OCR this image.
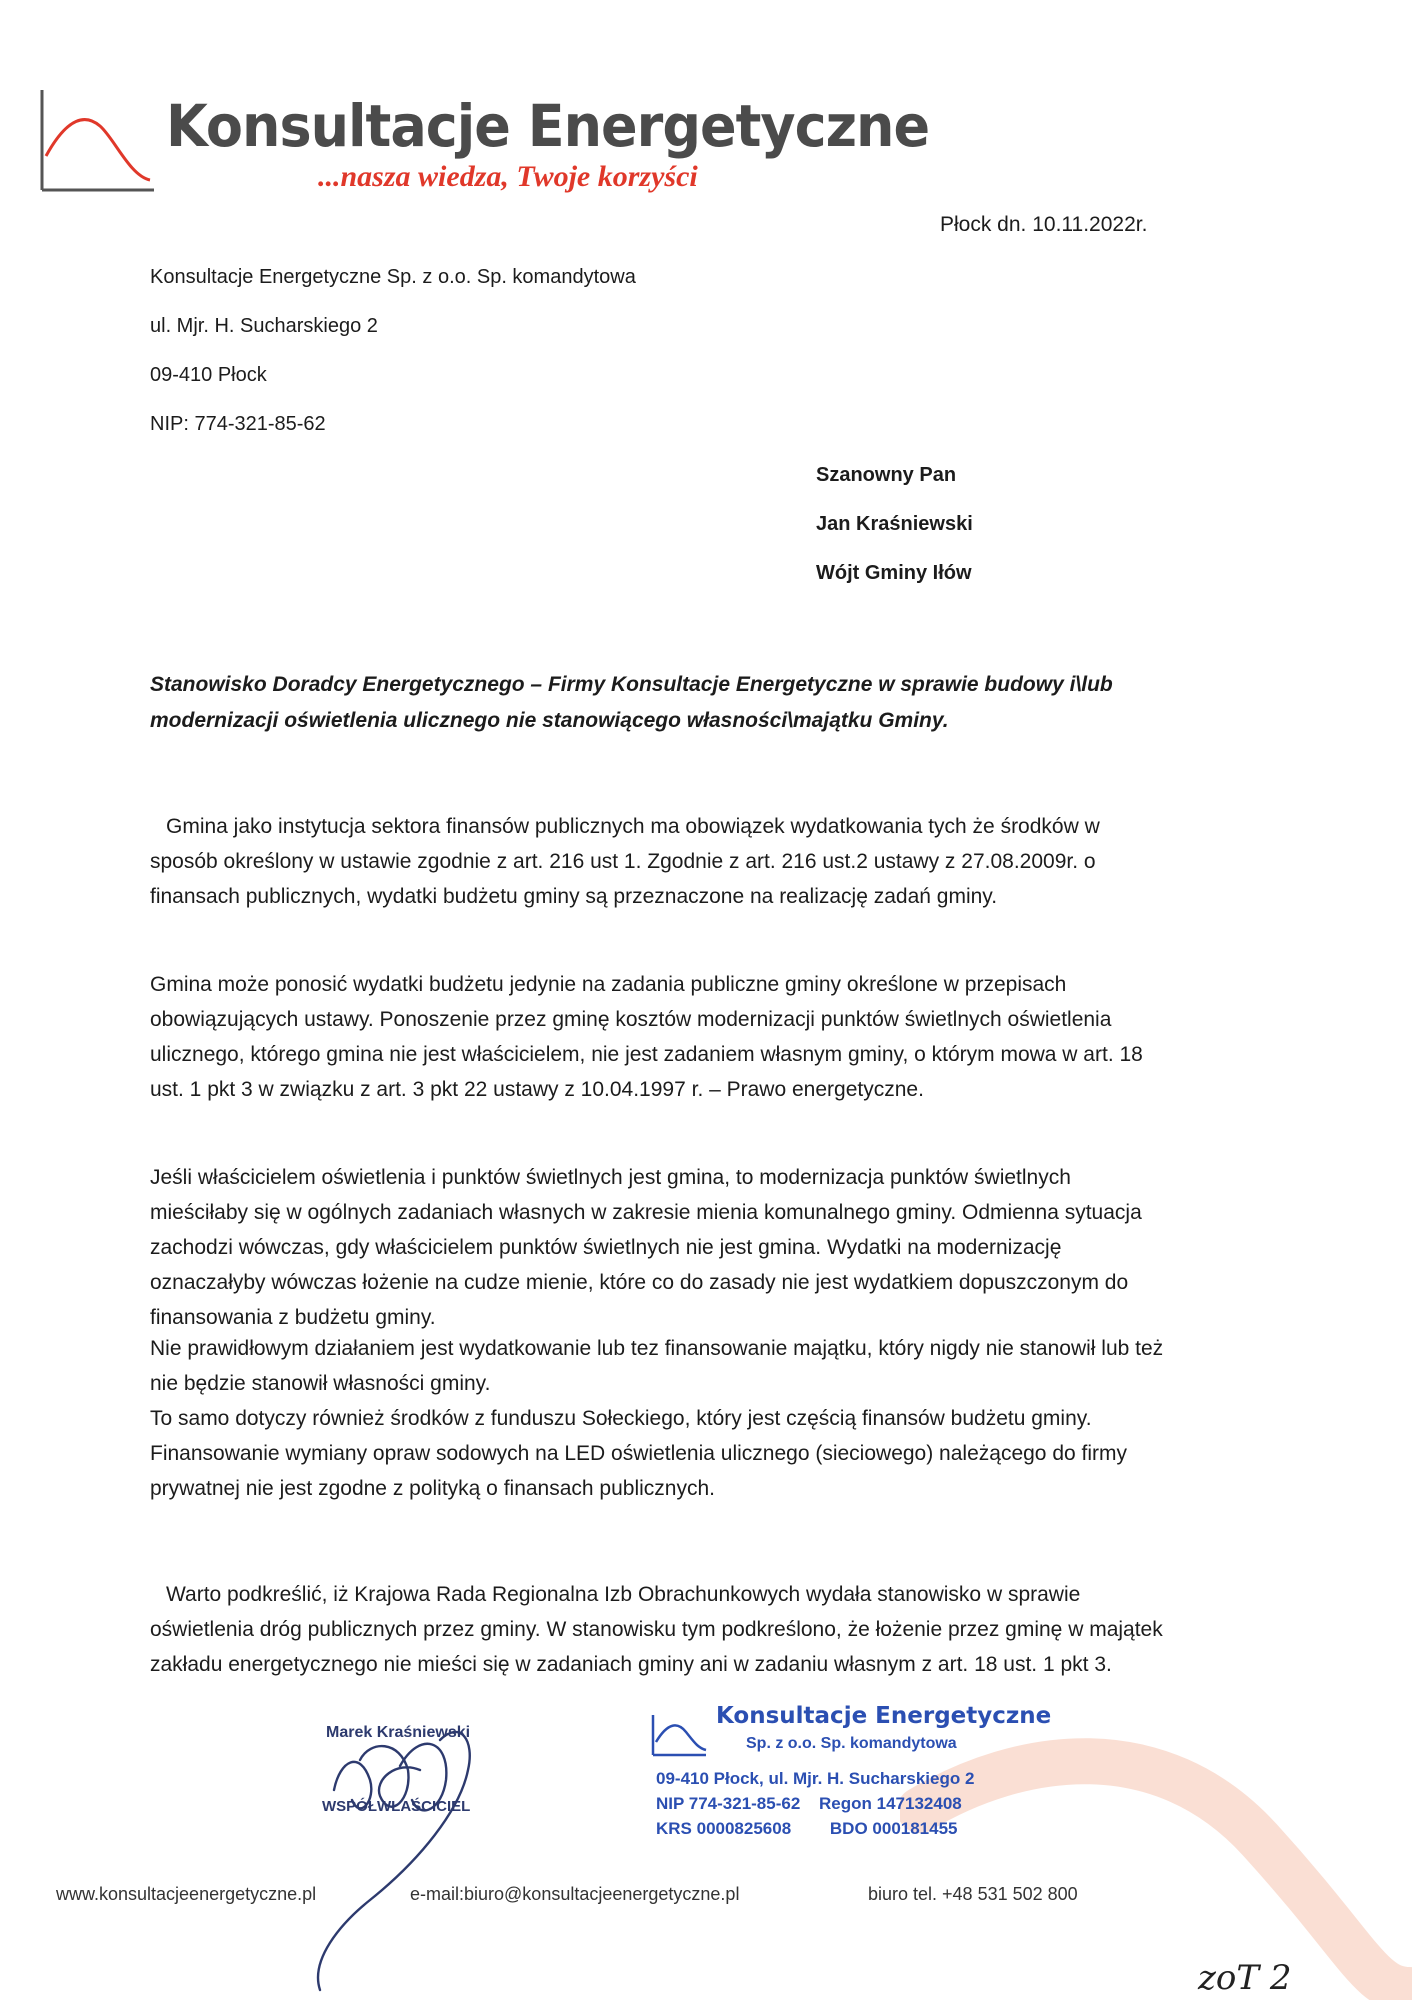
Konsultacje Energetyczne
...nasza wiedza, Twoje korzyści
Płock dn. 10.11.2022r.
Konsultacje Energetyczne Sp. z o.o. Sp. komandytowa
ul. Mjr. H. Sucharskiego 2
09-410 Płock
NIP: 774-321-85-62
Szanowny Pan
Jan Kraśniewski
Wójt Gminy Iłów
Stanowisko Doradcy Energetycznego – Firmy Konsultacje Energetyczne w sprawie budowy i\lub modernizacji oświetlenia ulicznego nie stanowiącego własności\majątku Gminy.

Gmina jako instytucja sektora finansów publicznych ma obowiązek wydatkowania tych że środków w sposób określony w ustawie zgodnie z art. 216 ust 1. Zgodnie z art. 216 ust.2 ustawy z 27.08.2009r. o finansach publicznych, wydatki budżetu gminy są przeznaczone na realizację zadań gminy.

Gmina może ponosić wydatki budżetu jedynie na zadania publiczne gminy określone w przepisach obowiązujących ustawy. Ponoszenie przez gminę kosztów modernizacji punktów świetlnych oświetlenia ulicznego, którego gmina nie jest właścicielem, nie jest zadaniem własnym gminy, o którym mowa w art. 18 ust. 1 pkt 3 w związku z art. 3 pkt 22 ustawy z 10.04.1997 r. – Prawo energetyczne.

Jeśli właścicielem oświetlenia i punktów świetlnych jest gmina, to modernizacja punktów świetlnych mieściłaby się w ogólnych zadaniach własnych w zakresie mienia komunalnego gminy. Odmienna sytuacja zachodzi wówczas, gdy właścicielem punktów świetlnych nie jest gmina. Wydatki na modernizację oznaczałyby wówczas łożenie na cudze mienie, które co do zasady nie jest wydatkiem dopuszczonym do finansowania z budżetu gminy.

Nie prawidłowym działaniem jest wydatkowanie lub tez finansowanie majątku, który nigdy nie stanowił lub też nie będzie stanowił własności gminy.
To samo dotyczy również środków z funduszu Sołeckiego, który jest częścią finansów budżetu gminy.
Finansowanie wymiany opraw sodowych na LED oświetlenia ulicznego (sieciowego) należącego do firmy prywatnej nie jest zgodne z polityką o finansach publicznych.

Warto podkreślić, iż Krajowa Rada Regionalna Izb Obrachunkowych wydała stanowisko w sprawie oświetlenia dróg publicznych przez gminy. W stanowisku tym podkreślono, że łożenie przez gminę w majątek zakładu energetycznego nie mieści się w zadaniach gminy ani w zadaniu własnym z art. 18 ust. 1 pkt 3.

Marek Kraśniewski
WSPÓŁWŁAŚCICIEL
Konsultacje Energetyczne
Sp. z o.o. Sp. komandytowa
09-410 Płock, ul. Mjr. H. Sucharskiego 2
NIP 774-321-85-62 Regon 147132408
KRS 0000825608 BDO 000181455
www.konsultacjeenergetyczne.pl	e-mail:biuro@konsultacjeenergetyczne.pl	biuro tel. +48 531 502 800
zoT 2
